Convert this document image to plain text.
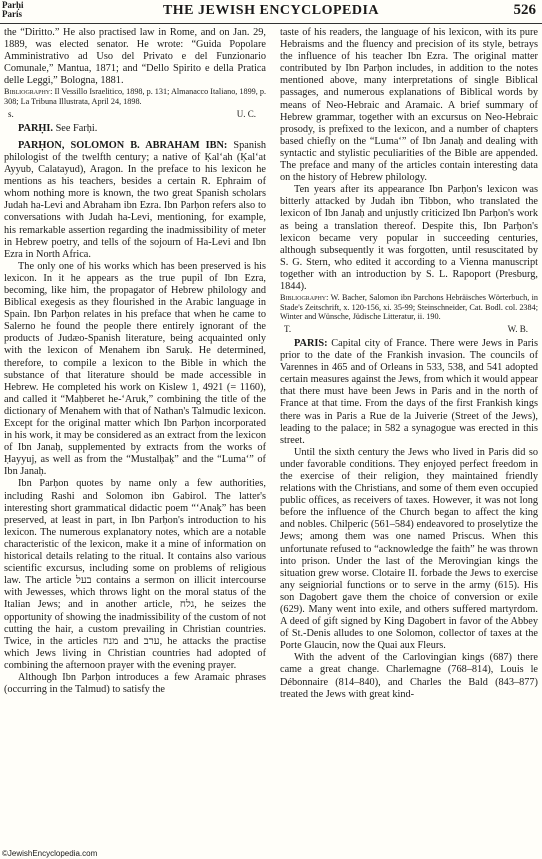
Parḥi
Paris	THE JEWISH ENCYCLOPEDIA	526

the “Diritto.” He also practised law in Rome, and on Jan. 29, 1889, was elected senator. He wrote: “Guida Popolare Amministrativo ad Uso del Privato e del Funzionario Comunale,” Mantua, 1871; and “Dello Spirito e della Pratica delle Leggi,” Bologna, 1881.

Bibliography: Il Vessillo Israelitico, 1898, p. 131; Almanacco Italiano, 1899, p. 308; La Tribuna Illustrata, April 24, 1898.

s.	U. C.

PARḤI. See Farḥi.

PARḤON, SOLOMON B. ABRAHAM IBN: Spanish philologist of the twelfth century; a native of Ḳal‘ah (Ḳal‘at Ayyub, Calatayud), Aragon. In the preface to his lexicon he mentions as his teachers, besides a certain R. Ephraim of whom nothing more is known, the two great Spanish scholars Judah ha-Levi and Abraham ibn Ezra. Ibn Parḥon refers also to conversations with Judah ha-Levi, mentioning, for example, his remarkable assertion regarding the inadmissibility of meter in Hebrew poetry, and tells of the sojourn of Ha-Levi and Ibn Ezra in North Africa.

The only one of his works which has been preserved is his lexicon. In it he appears as the true pupil of Ibn Ezra, becoming, like him, the propagator of Hebrew philology and Biblical exegesis as they flourished in the Arabic language in Spain. Ibn Parḥon relates in his preface that when he came to Salerno he found the people there entirely ignorant of the products of Judæo-Spanish literature, being acquainted only with the lexicon of Menahem ibn Saruḳ. He determined, therefore, to compile a lexicon to the Bible in which the substance of that literature should be made accessible in Hebrew. He completed his work on Kislew 1, 4921 (= 1160), and called it “Maḥberet he-‘Aruk,” combining the title of the dictionary of Menahem with that of Nathan's Talmudic lexicon. Except for the original matter which Ibn Parḥon incorporated in his work, it may be considered as an extract from the lexicon of Ibn Janaḥ, supplemented by extracts from the works of Ḥayyuj, as well as from the “Mustalḥaḳ” and the “Luma‘” of Ibn Janaḥ.

Ibn Parḥon quotes by name only a few authorities, including Rashi and Solomon ibn Gabirol. The latter's interesting short grammatical didactic poem “‘Anaḳ” has been preserved, at least in part, in Ibn Parḥon's introduction to his lexicon. The numerous explanatory notes, which are a notable characteristic of the lexicon, make it a mine of information on historical details relating to the ritual. It contains also various scientific excursus, including some on problems of religious law. The article בעל contains a sermon on illicit intercourse with Jewesses, which throws light on the moral status of the Italian Jews; and in another article, גלח, he seizes the opportunity of showing the inadmissibility of the custom of not cutting the hair, a custom prevailing in Christian countries. Twice, in the articles מנח and ערב, he attacks the practise which Jews living in Christian countries had adopted of combining the afternoon prayer with the evening prayer.

Although Ibn Parḥon introduces a few Aramaic phrases (occurring in the Talmud) to satisfy the

taste of his readers, the language of his lexicon, with its pure Hebraisms and the fluency and precision of its style, betrays the influence of his teacher Ibn Ezra. The original matter contributed by Ibn Parḥon includes, in addition to the notes mentioned above, many interpretations of single Biblical passages, and numerous explanations of Biblical words by means of Neo-Hebraic and Aramaic. A brief summary of Hebrew grammar, together with an excursus on Neo-Hebraic prosody, is prefixed to the lexicon, and a number of chapters based chiefly on the “Luma‘” of Ibn Janaḥ and dealing with syntactic and stylistic peculiarities of the Bible are appended. The preface and many of the articles contain interesting data on the history of Hebrew philology.

Ten years after its appearance Ibn Parḥon's lexicon was bitterly attacked by Judah ibn Tibbon, who translated the lexicon of Ibn Janaḥ and unjustly criticized Ibn Parḥon's work as being a translation thereof. Despite this, Ibn Parḥon's lexicon became very popular in succeeding centuries, although subsequently it was forgotten, until resuscitated by S. G. Stern, who edited it according to a Vienna manuscript together with an introduction by S. L. Rapoport (Presburg, 1844).

Bibliography: W. Bacher, Salomon ibn Parchons Hebräisches Wörterbuch, in Stade's Zeitschrift, x. 120-156, xi. 35-99; Steinschneider, Cat. Bodl. col. 2384; Winter and Wünsche, Jüdische Litteratur, ii. 190.

T.	W. B.

PARIS: Capital city of France. There were Jews in Paris prior to the date of the Frankish invasion. The councils of Varennes in 465 and of Orleans in 533, 538, and 541 adopted certain measures against the Jews, from which it would appear that there must have been Jews in Paris and in the north of France at that time. From the days of the first Frankish kings there was in Paris a Rue de la Juiverie (Street of the Jews), leading to the palace; in 582 a synagogue was erected in this street.

Until the sixth century the Jews who lived in Paris did so under favorable conditions. They enjoyed perfect freedom in the exercise of their religion, they maintained friendly relations with the Christians, and some of them even occupied public offices, as receivers of taxes. However, it was not long before the influence of the Church began to affect the king and nobles. Chilperic (561–584) endeavored to proselytize the Jews; among them was one named Priscus. When this unfortunate refused to “acknowledge the faith” he was thrown into prison. Under the last of the Merovingian kings the situation grew worse. Clotaire II. forbade the Jews to exercise any seigniorial functions or to serve in the army (615). His son Dagobert gave them the choice of conversion or exile (629). Many went into exile, and others suffered martyrdom. A deed of gift signed by King Dagobert in favor of the Abbey of St.-Denis alludes to one Solomon, collector of taxes at the Porte Glaucin, now the Quai aux Fleurs.

With the advent of the Carlovingian kings (687) there came a great change. Charlemagne (768–814), Louis le Débonnaire (814–840), and Charles the Bald (843–877) treated the Jews with great kind-

©JewishEncyclopedia.com
